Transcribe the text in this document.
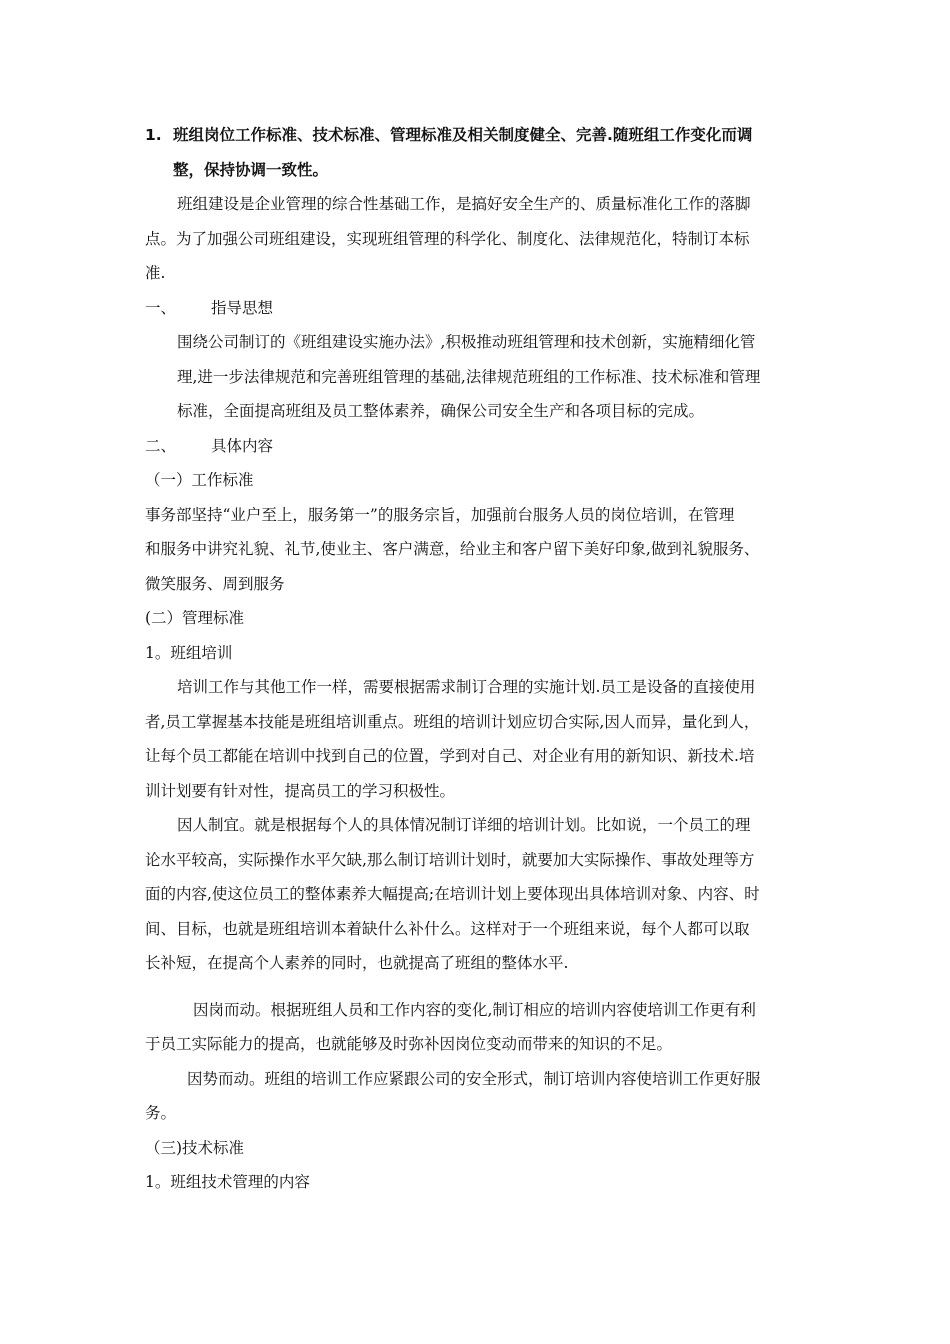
1. 班组岗位工作标准、技术标准、管理标准及相关制度健全、完善.随班组工作变化而调
整，保持协调一致性。
班组建设是企业管理的综合性基础工作，是搞好安全生产的、质量标准化工作的落脚
点。为了加强公司班组建设，实现班组管理的科学化、制度化、法律规范化，特制订本标
准.
一、 指导思想
围绕公司制订的《班组建设实施办法》,积极推动班组管理和技术创新，实施精细化管
理,进一步法律规范和完善班组管理的基础,法律规范班组的工作标准、技术标准和管理
标准，全面提高班组及员工整体素养，确保公司安全生产和各项目标的完成。
二、 具体内容
（一）工作标准
事务部坚持“业户至上，服务第一”的服务宗旨，加强前台服务人员的岗位培训，在管理
和服务中讲究礼貌、礼节,使业主、客户满意，给业主和客户留下美好印象,做到礼貌服务、
微笑服务、周到服务
(二）管理标准
1。班组培训
培训工作与其他工作一样，需要根据需求制订合理的实施计划.员工是设备的直接使用
者,员工掌握基本技能是班组培训重点。班组的培训计划应切合实际,因人而异，量化到人，
让每个员工都能在培训中找到自己的位置，学到对自己、对企业有用的新知识、新技术.培
训计划要有针对性，提高员工的学习积极性。
因人制宜。就是根据每个人的具体情况制订详细的培训计划。比如说，一个员工的理
论水平较高，实际操作水平欠缺,那么制订培训计划时，就要加大实际操作、事故处理等方
面的内容,使这位员工的整体素养大幅提高;在培训计划上要体现出具体培训对象、内容、时
间、目标，也就是班组培训本着缺什么补什么。这样对于一个班组来说，每个人都可以取
长补短，在提高个人素养的同时，也就提高了班组的整体水平.
因岗而动。根据班组人员和工作内容的变化,制订相应的培训内容使培训工作更有利
于员工实际能力的提高，也就能够及时弥补因岗位变动而带来的知识的不足。
因势而动。班组的培训工作应紧跟公司的安全形式，制订培训内容使培训工作更好服
务。
（三)技术标准
1。班组技术管理的内容
